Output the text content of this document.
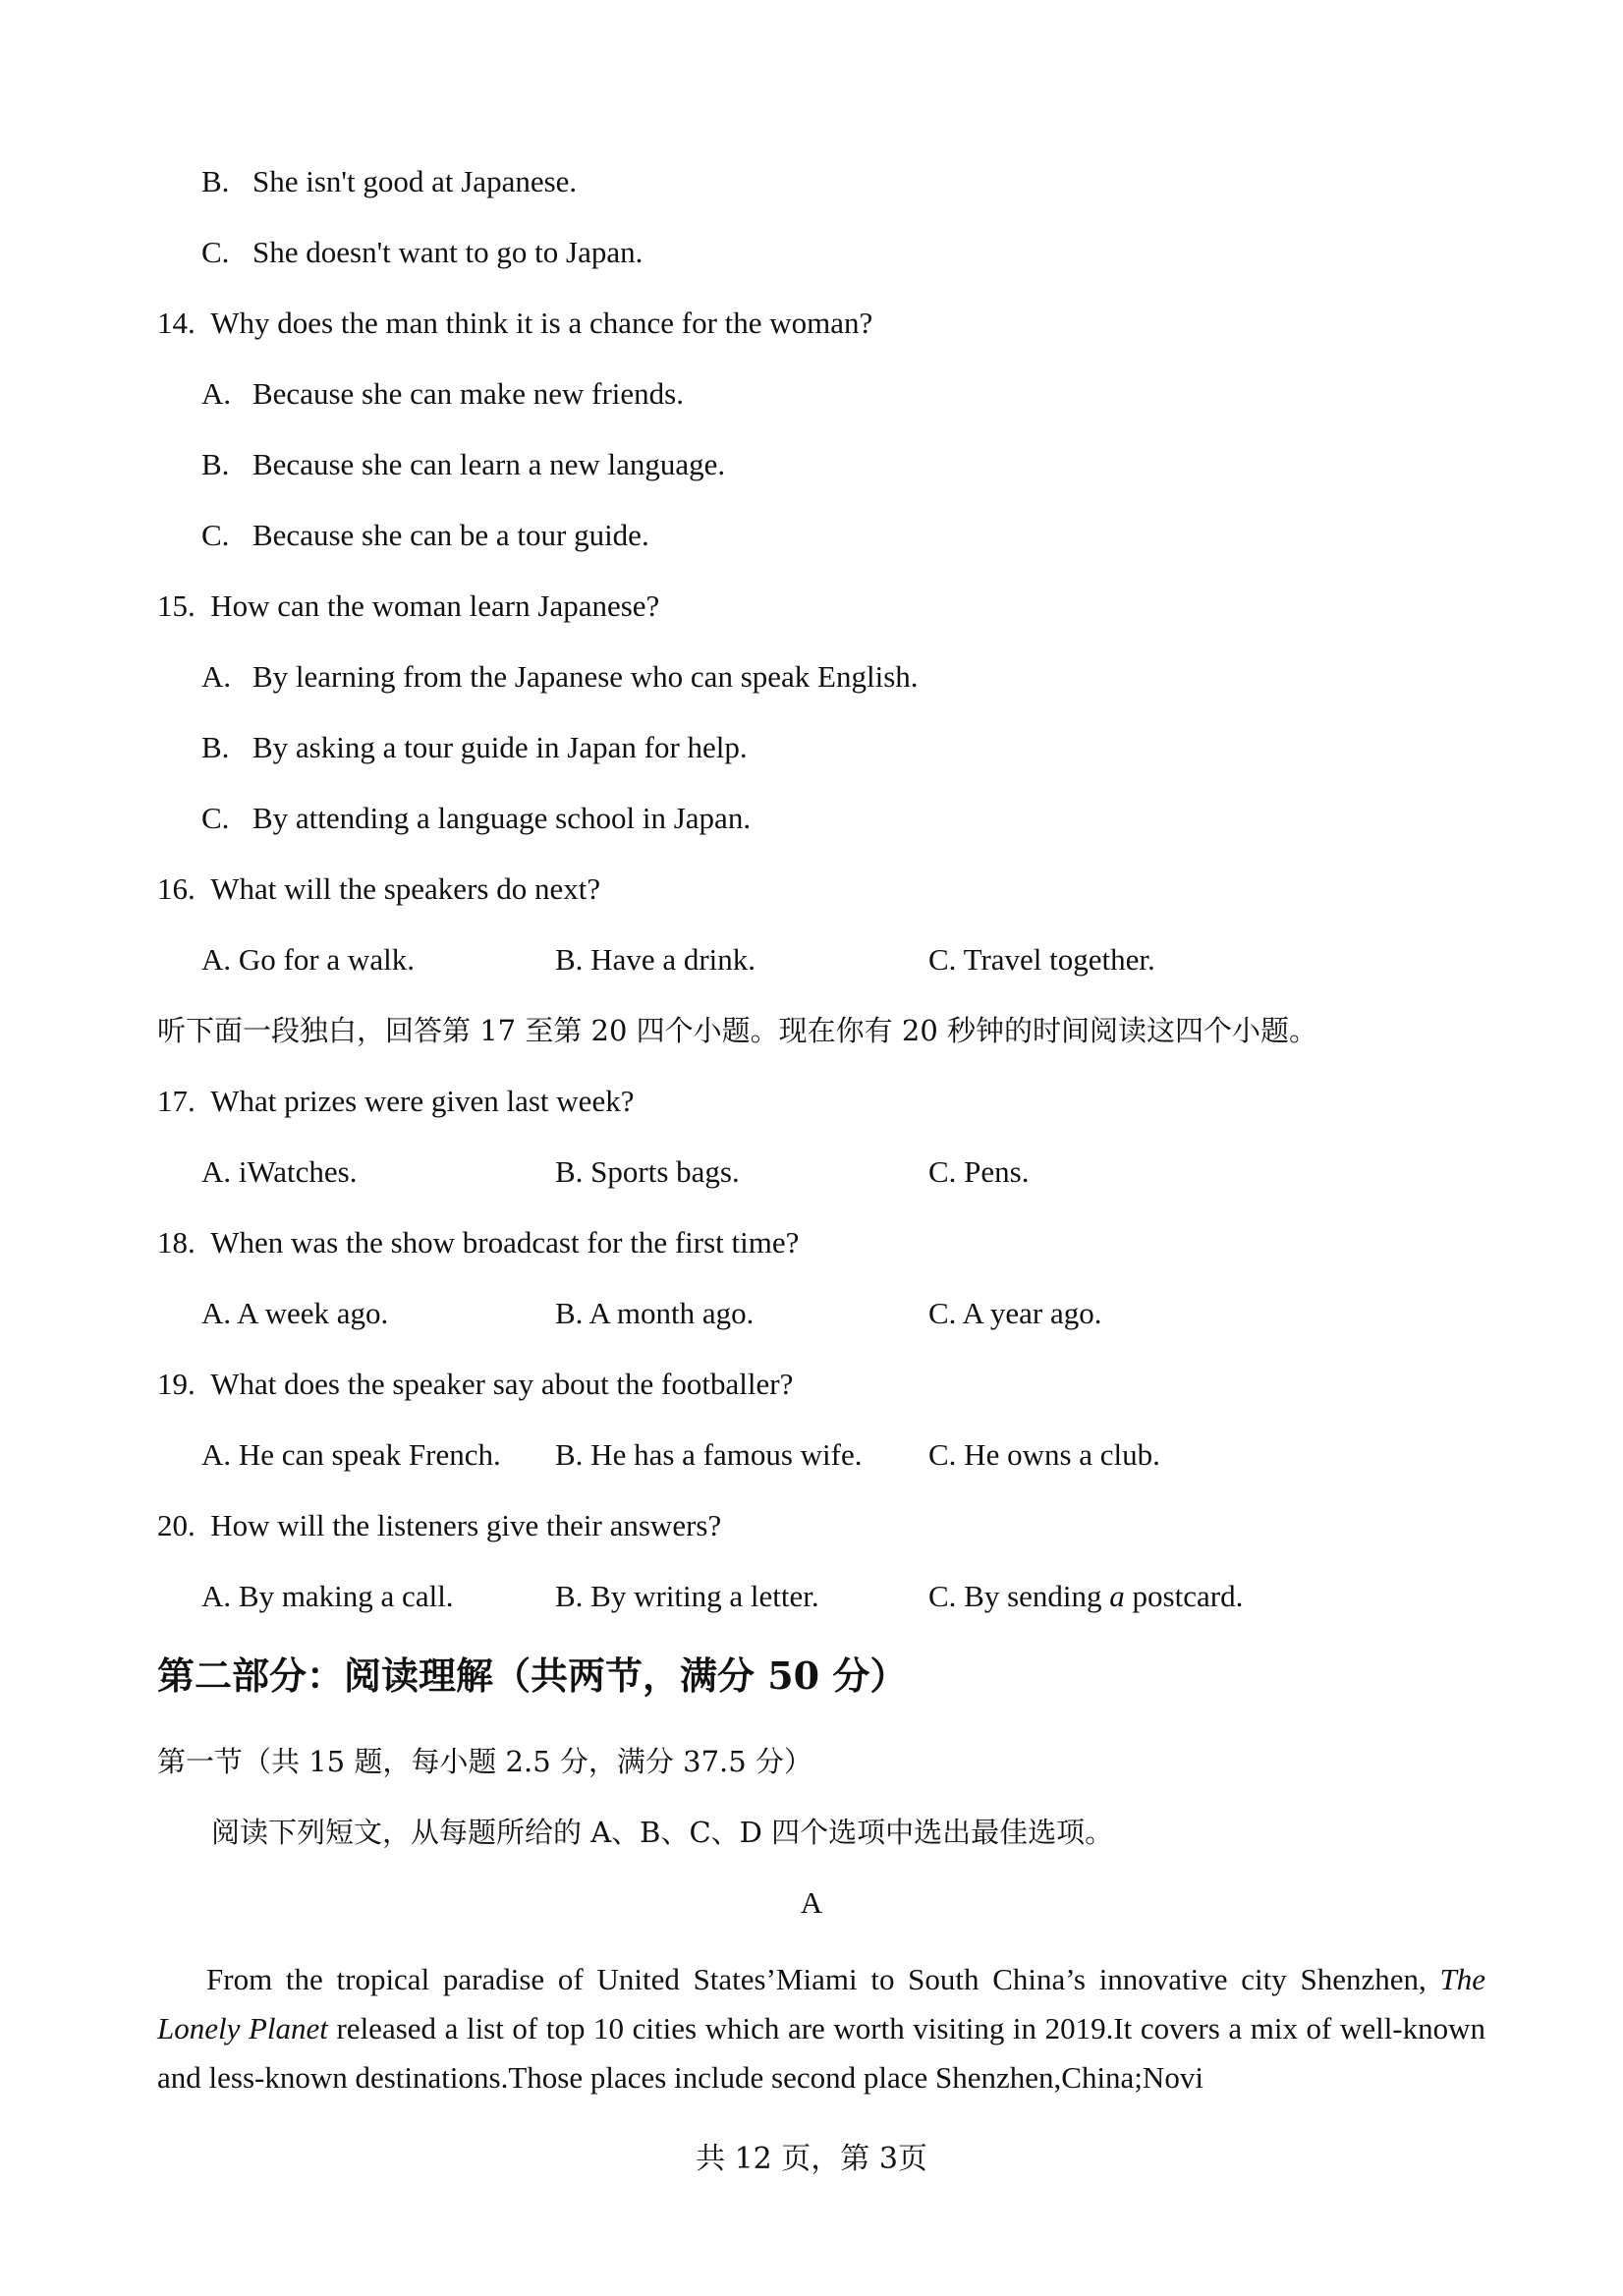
B. She isn't good at Japanese.
C. She doesn't want to go to Japan.
14. Why does the man think it is a chance for the woman?
A. Because she can make new friends.
B. Because she can learn a new language.
C. Because she can be a tour guide.
15. How can the woman learn Japanese?
A. By learning from the Japanese who can speak English.
B. By asking a tour guide in Japan for help.
C. By attending a language school in Japan.
16. What will the speakers do next?
A. Go for a walk.	B. Have a drink.	C. Travel together.
听下面一段独白，回答第 17 至第 20 四个小题。现在你有 20 秒钟的时间阅读这四个小题。
17. What prizes were given last week?
A. iWatches.	B. Sports bags.	C. Pens.
18. When was the show broadcast for the first time?
A. A week ago.	B. A month ago.	C. A year ago.
19. What does the speaker say about the footballer?
A. He can speak French. B. He has a famous wife. C. He owns a club.
20. How will the listeners give their answers?
A. By making a call.	B. By writing a letter.	C. By sending a postcard.
第二部分：阅读理解（共两节，满分 50 分）
第一节（共 15 题，每小题 2.5 分，满分 37.5 分）
阅读下列短文，从每题所给的 A、B、C、D 四个选项中选出最佳选项。
A
From the tropical paradise of United States’Miami to South China’s innovative city Shenzhen, The Lonely Planet released a list of top 10 cities which are worth visiting in 2019.It covers a mix of well-known and less-known destinations.Those places include second place Shenzhen,China;Novi
共 12 页，第 3页
